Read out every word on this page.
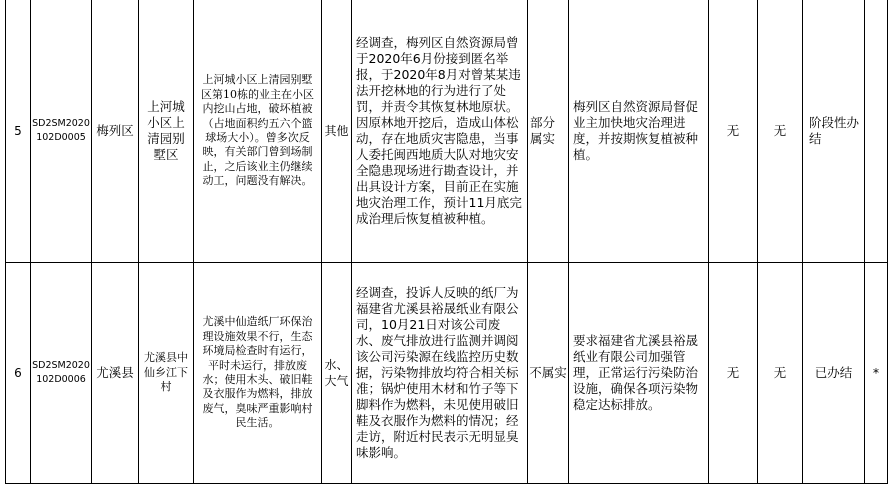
5	SD2SM2020102D0005	梅列区	上河城小区上清园别墅区	上河城小区上清园别墅区第10栋的业主在小区内挖山占地，破坏植被（占地面积约五六个篮球场大小）。曾多次反映，有关部门曾到场制止，之后该业主仍继续动工，问题没有解决。	其他	经调查，梅列区自然资源局曾于2020年6月份接到匿名举报，于2020年8月对曾某某违法开挖林地的行为进行了处罚，并责令其恢复林地原状。因原林地开挖后，造成山体松动，存在地质灾害隐患，当事人委托闽西地质大队对地灾安全隐患现场进行勘查设计，并出具设计方案，目前正在实施地灾治理工作，预计11月底完成治理后恢复植被种植。	部分属实	梅列区自然资源局督促业主加快地灾治理进度，并按期恢复植被种植。	无	无	阶段性办结	
6	SD2SM2020102D0006	尤溪县	尤溪县中仙乡江下村	尤溪中仙造纸厂环保治理设施效果不行，生态环境局检查时有运行，平时未运行，排放废水；使用木头、破旧鞋及衣服作为燃料，排放废气，臭味严重影响村民生活。	水、大气	经调查，投诉人反映的纸厂为福建省尤溪县裕晟纸业有限公司，10月21日对该公司废水、废气排放进行监测并调阅该公司污染源在线监控历史数据，污染物排放均符合相关标准；锅炉使用木材和竹子等下脚料作为燃料，未见使用破旧鞋及衣服作为燃料的情况；经走访，附近村民表示无明显臭味影响。	不属实	要求福建省尤溪县裕晟纸业有限公司加强管理，正常运行污染防治设施，确保各项污染物稳定达标排放。	无	无	已办结	*
